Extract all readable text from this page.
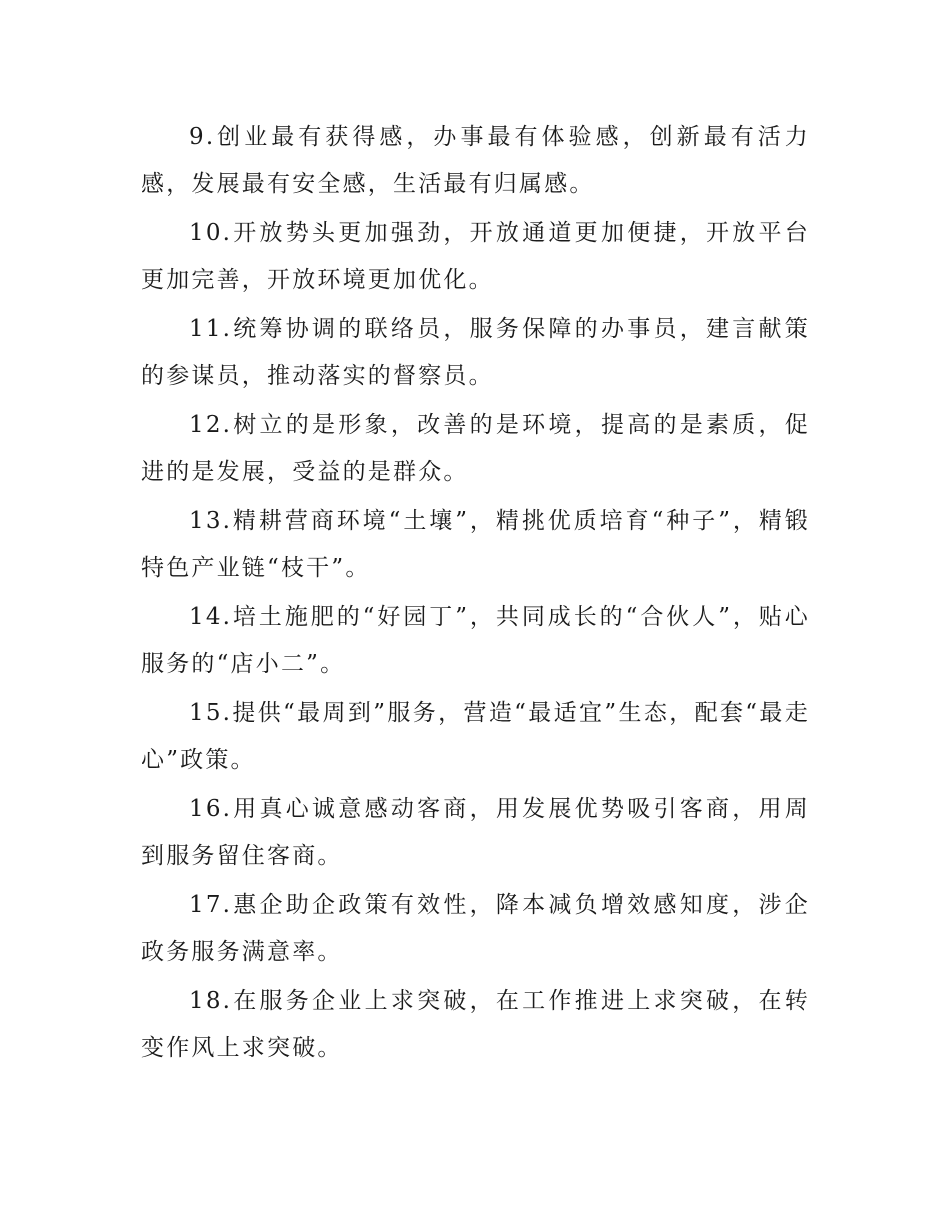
9.创业最有获得感，办事最有体验感，创新最有活力感，发展最有安全感，生活最有归属感。

10.开放势头更加强劲，开放通道更加便捷，开放平台更加完善，开放环境更加优化。

11.统筹协调的联络员，服务保障的办事员，建言献策的参谋员，推动落实的督察员。

12.树立的是形象，改善的是环境，提高的是素质，促进的是发展，受益的是群众。

13.精耕营商环境“土壤”，精挑优质培育“种子”，精锻特色产业链“枝干”。

14.培土施肥的“好园丁”，共同成长的“合伙人”，贴心服务的“店小二”。

15.提供“最周到”服务，营造“最适宜”生态，配套“最走心”政策。

16.用真心诚意感动客商，用发展优势吸引客商，用周到服务留住客商。

17.惠企助企政策有效性，降本减负增效感知度，涉企政务服务满意率。

18.在服务企业上求突破，在工作推进上求突破，在转变作风上求突破。
